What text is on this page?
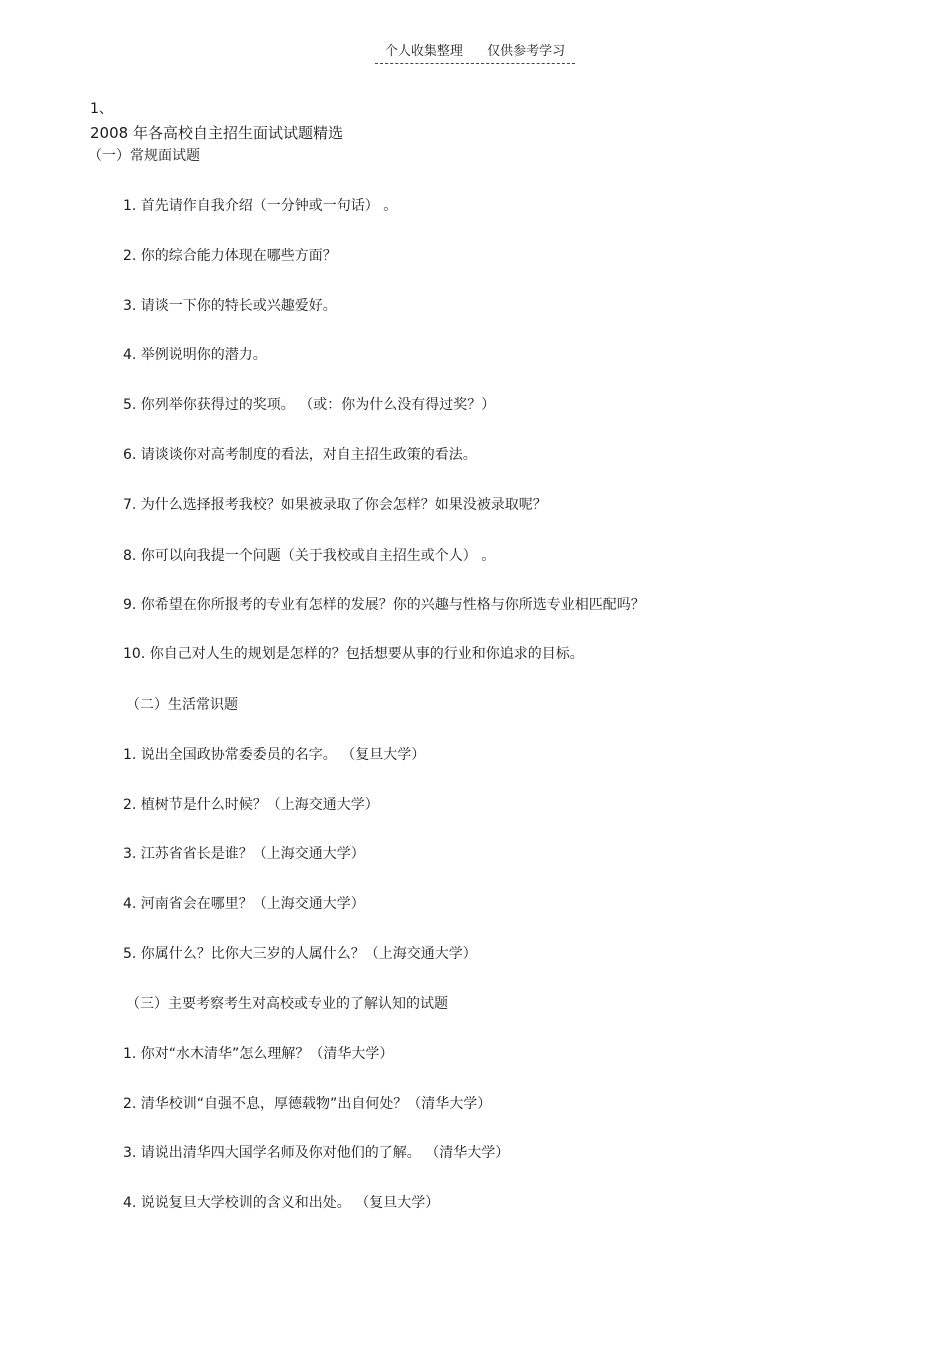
个人收集整理 仅供参考学习
1、
2008 年各高校自主招生面试试题精选
（一）常规面试题
1. 首先请作自我介绍（一分钟或一句话） 。
2. 你的综合能力体现在哪些方面？
3. 请谈一下你的特长或兴趣爱好。
4. 举例说明你的潜力。
5. 你列举你获得过的奖项。 （或：你为什么没有得过奖？）
6. 请谈谈你对高考制度的看法，对自主招生政策的看法。
7. 为什么选择报考我校？如果被录取了你会怎样？如果没被录取呢？
8. 你可以向我提一个问题（关于我校或自主招生或个人） 。
9. 你希望在你所报考的专业有怎样的发展？你的兴趣与性格与你所选专业相匹配吗？
10. 你自己对人生的规划是怎样的？包括想要从事的行业和你追求的目标。
（二）生活常识题
1. 说出全国政协常委委员的名字。 （复旦大学）
2. 植树节是什么时候？（上海交通大学）
3. 江苏省省长是谁？（上海交通大学）
4. 河南省会在哪里？（上海交通大学）
5. 你属什么？比你大三岁的人属什么？（上海交通大学）
（三）主要考察考生对高校或专业的了解认知的试题
1. 你对“水木清华”怎么理解？（清华大学）
2. 清华校训“自强不息，厚德载物”出自何处？（清华大学）
3. 请说出清华四大国学名师及你对他们的了解。 （清华大学）
4. 说说复旦大学校训的含义和出处。 （复旦大学）
